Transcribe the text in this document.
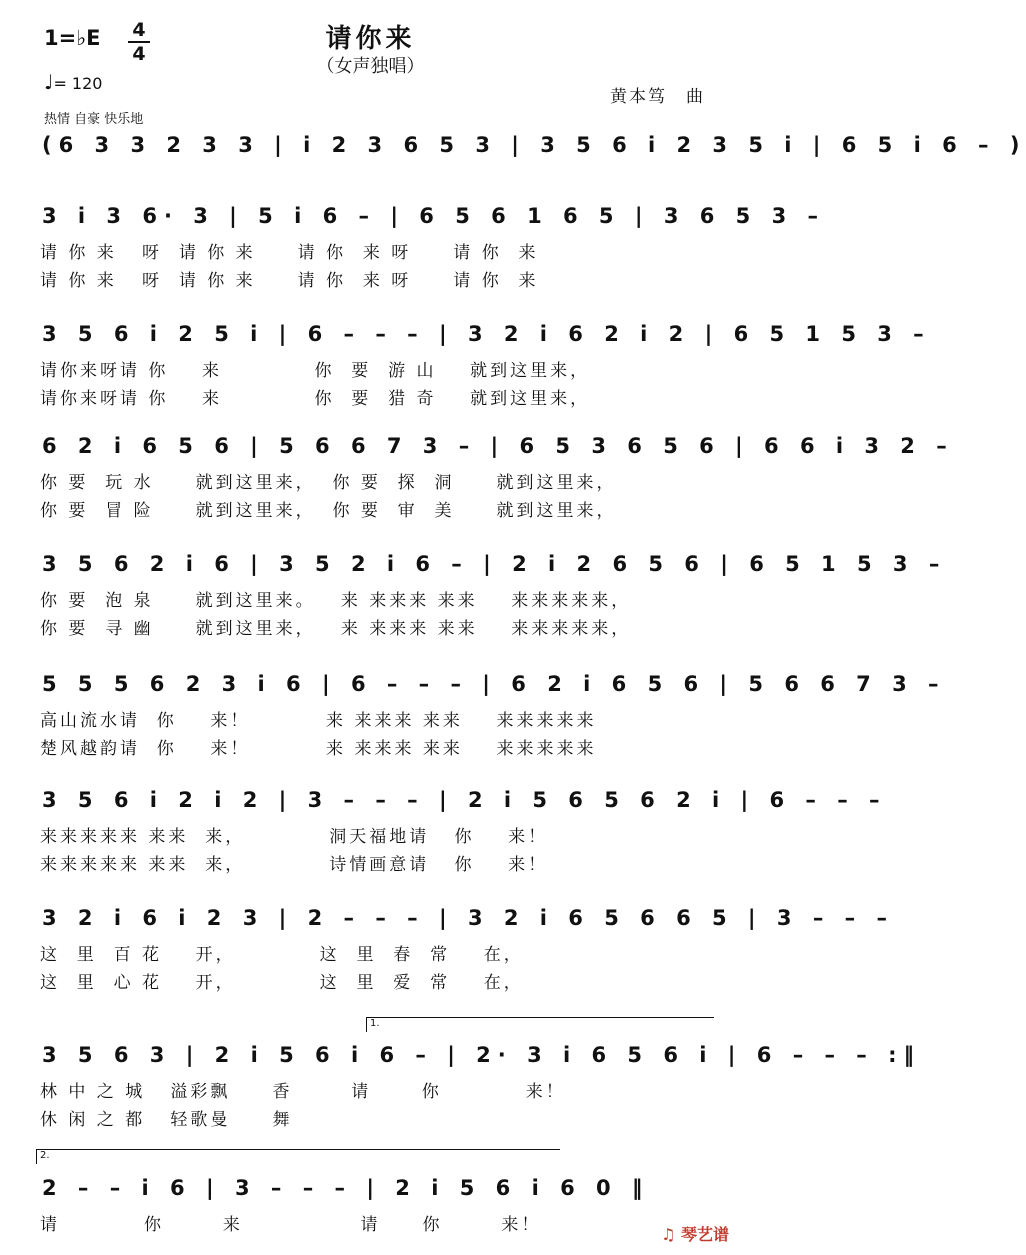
请你来
（女声独唱）
1=♭E 4
4
♩= 120
热情 自豪 快乐地
黄本笃　曲
(6 3 3 2 3 3 | i 2 3 6 5 3 | 3 5 6 i 2 3 5 i | 6 5 i 6 – )
3 i 3 6· 3 | 5 i 6 – | 6 5 6 1 6 5 | 3 6 5 3 –
请 你 来   呀  请 你 来     请 你  来 呀     请 你  来
请 你 来   呀  请 你 来     请 你  来 呀     请 你  来
3 5 6 i 2 5 i | 6 – – – | 3 2 i 6 2 i 2 | 6 5 1 5 3 –
请你来呀请 你    来           你  要  游 山    就到这里来，
请你来呀请 你    来           你  要  猎 奇    就到这里来，
6 2 i 6 5 6 | 5 6 6 7 3 – | 6 5 3 6 5 6 | 6 6 i 3 2 –
你 要  玩 水     就到这里来，  你 要  探  洞     就到这里来，
你 要  冒 险     就到这里来，  你 要  审  美     就到这里来，
3 5 6 2 i 6 | 3 5 2 i 6 – | 2 i 2 6 5 6 | 6 5 1 5 3 –
你 要  泡 泉     就到这里来。   来 来来来 来来    来来来来来，
你 要  寻 幽     就到这里来，   来 来来来 来来    来来来来来，
5 5 5 6 2 3 i 6 | 6 – – – | 6 2 i 6 5 6 | 5 6 6 7 3 –
高山流水请  你    来！         来 来来来 来来    来来来来来
楚风越韵请  你    来！         来 来来来 来来    来来来来来
3 5 6 i 2 i 2 | 3 – – – | 2 i 5 6 5 6 2 i | 6 – – –
来来来来来 来来  来，          洞天福地请   你    来！
来来来来来 来来  来，          诗情画意请   你    来！
3 2 i 6 i 2 3 | 2 – – – | 3 2 i 6 5 6 6 5 | 3 – – –
这  里  百 花    开，          这  里  春  常    在，
这  里  心 花    开，          这  里  爱  常    在，
1.
3 5 6 3 | 2 i 5 6 i 6 – | 2· 3 i 6 5 6 i | 6 – – – :‖
林 中 之 城   溢彩飘     香       请      你          来！
休 闲 之 都   轻歌曼     舞
2.
2 – – i 6 | 3 – – – | 2 i 5 6 i 6 0 ‖
请          你       来              请     你       来！	♫ 琴艺谱
